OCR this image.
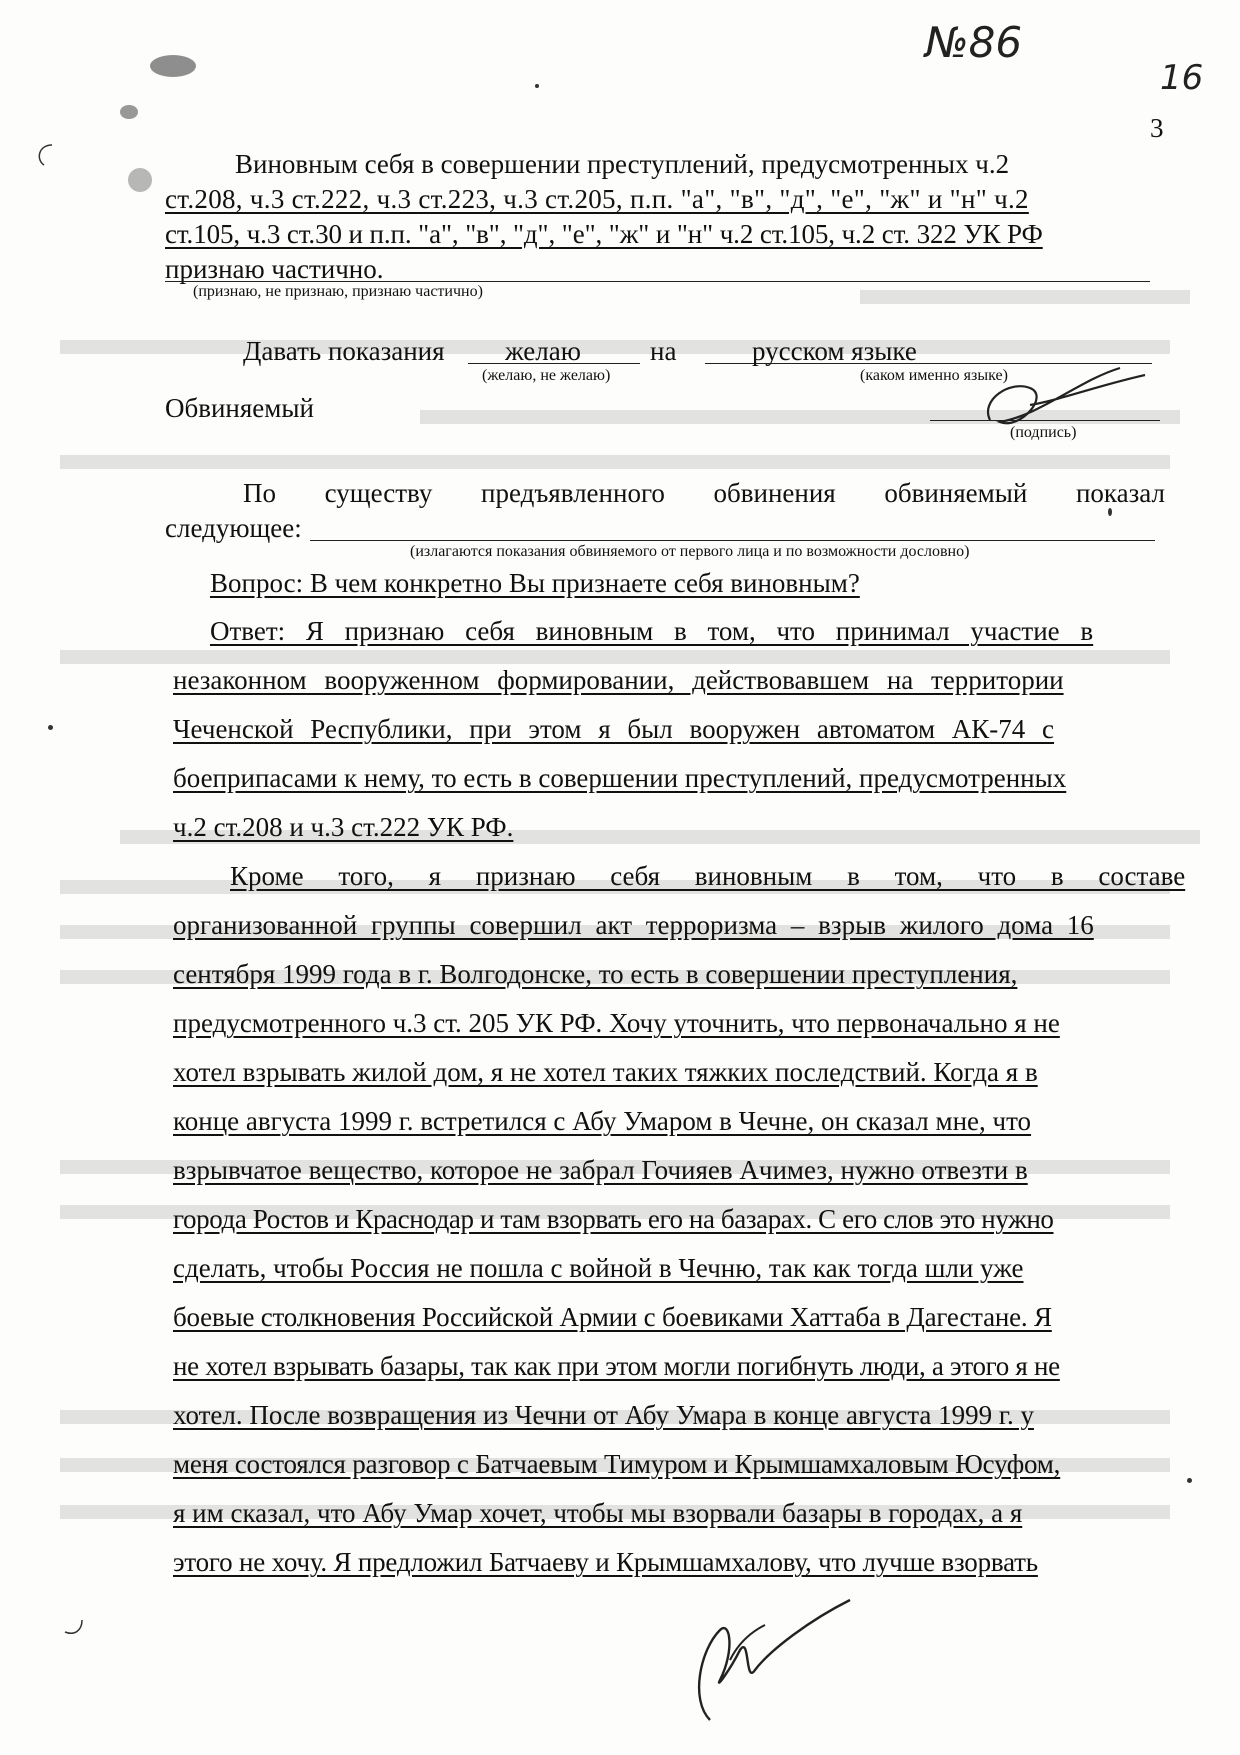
№86
16
3
Виновным себя в совершении преступлений, предусмотренных ч.2
ст.208, ч.3 ст.222, ч.3 ст.223, ч.3 ст.205, п.п. "а", "в", "д", "е", "ж" и "н" ч.2
ст.105, ч.3 ст.30 и п.п. "а", "в", "д", "е", "ж" и "н" ч.2 ст.105, ч.2 ст. 322 УК РФ
признаю частично.
(признаю, не признаю, признаю частично)
Давать показания желаю	на	русском языке
(желаю, не желаю)	(каком именно языке)
Обвиняемый
(подпись)
По существу предъявленного обвинения обвиняемый показал
следующее:
(излагаются показания обвиняемого от первого лица и по возможности дословно)
Вопрос: В чем конкретно Вы признаете себя виновным?
Ответ: Я признаю себя виновным в том, что принимал участие в
незаконном вооруженном формировании, действовавшем на территории
Чеченской Республики, при этом я был вооружен автоматом АК-74 с
боеприпасами к нему, то есть в совершении преступлений, предусмотренных
ч.2 ст.208 и ч.3 ст.222 УК РФ.
Кроме того, я признаю себя виновным в том, что в составе
организованной группы совершил акт терроризма – взрыв жилого дома 16
сентября 1999 года в г. Волгодонске, то есть в совершении преступления,
предусмотренного ч.3 ст. 205 УК РФ. Хочу уточнить, что первоначально я не
хотел взрывать жилой дом, я не хотел таких тяжких последствий. Когда я в
конце августа 1999 г. встретился с Абу Умаром в Чечне, он сказал мне, что
взрывчатое вещество, которое не забрал Гочияев Ачимез, нужно отвезти в
города Ростов и Краснодар и там взорвать его на базарах. С его слов это нужно
сделать, чтобы Россия не пошла с войной в Чечню, так как тогда шли уже
боевые столкновения Российской Армии с боевиками Хаттаба в Дагестане. Я
не хотел взрывать базары, так как при этом могли погибнуть люди, а этого я не
хотел. После возвращения из Чечни от Абу Умара в конце августа 1999 г. у
меня состоялся разговор с Батчаевым Тимуром и Крымшамхаловым Юсуфом,
я им сказал, что Абу Умар хочет, чтобы мы взорвали базары в городах, а я
этого не хочу. Я предложил Батчаеву и Крымшамхалову, что лучше взорвать
